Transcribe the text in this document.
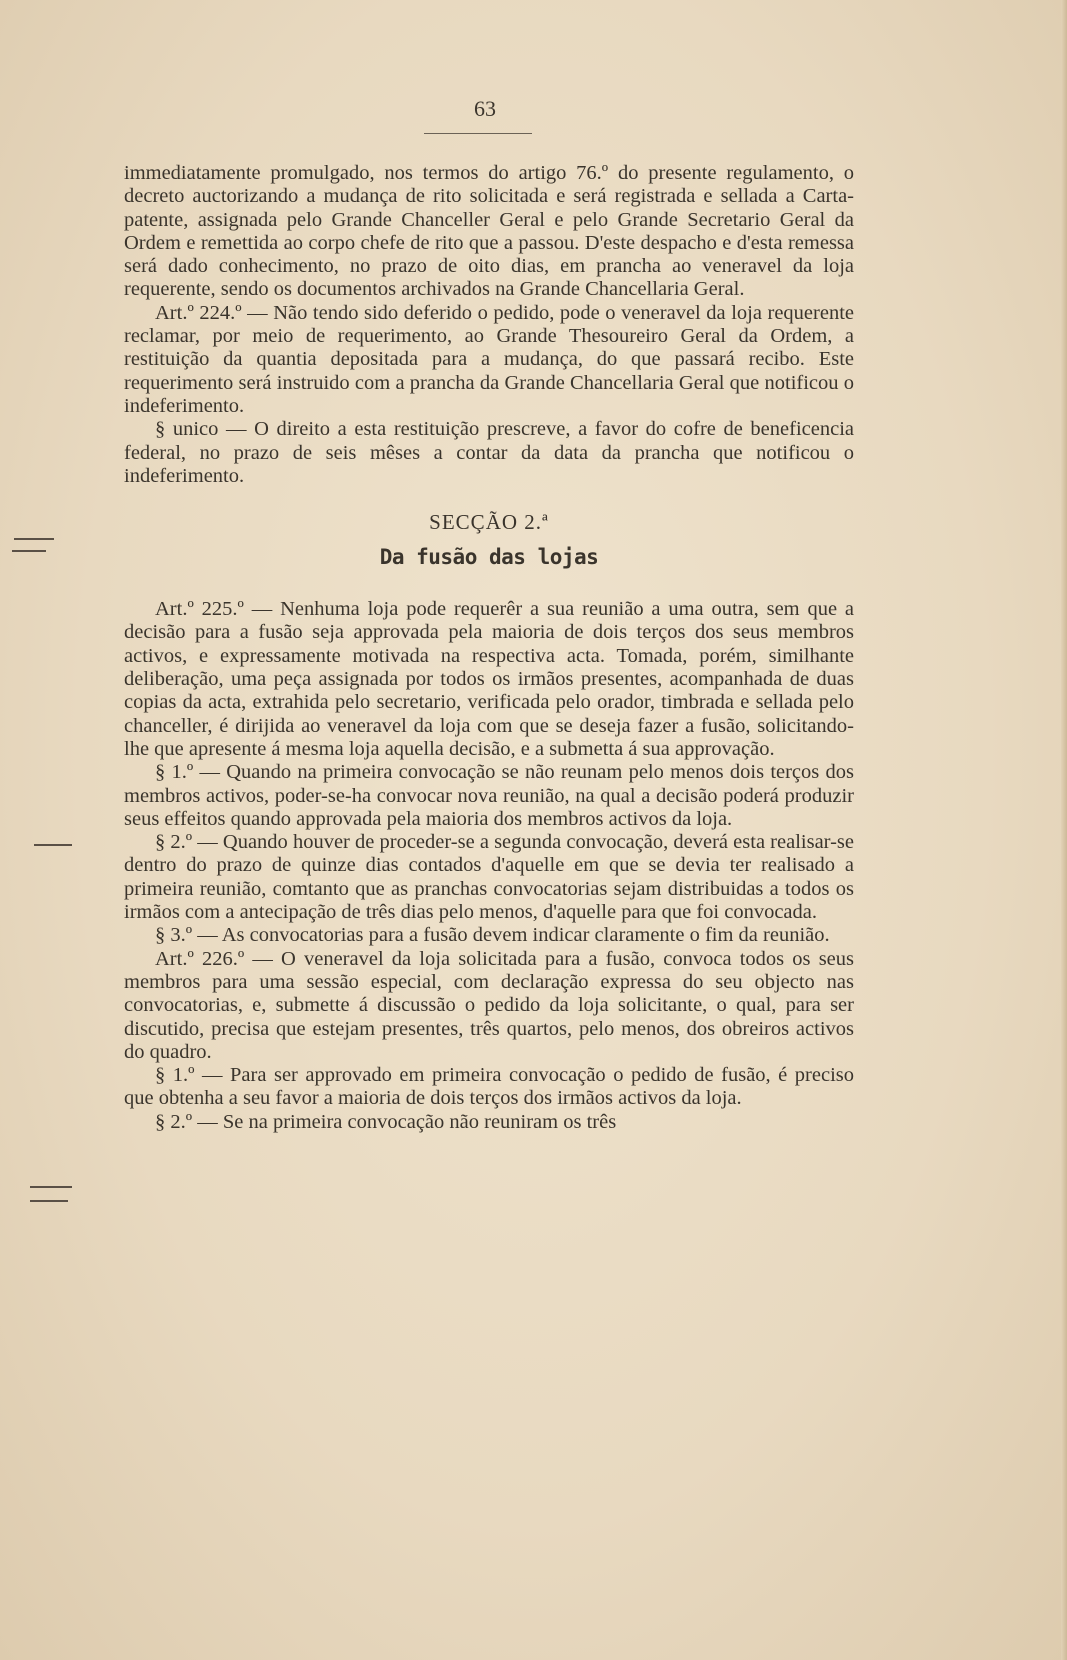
63

immediatamente promulgado, nos termos do artigo 76.º do presente regulamento, o decreto auctorizando a mudança de rito solicitada e será registrada e sellada a Carta-patente, assignada pelo Grande Chanceller Geral e pelo Grande Secretario Geral da Ordem e remettida ao corpo chefe de rito que a passou. D'este despacho e d'esta remessa será dado conhecimento, no prazo de oito dias, em prancha ao veneravel da loja requerente, sendo os documentos archivados na Grande Chancellaria Geral.

Art.º 224.º — Não tendo sido deferido o pedido, pode o veneravel da loja requerente reclamar, por meio de requerimento, ao Grande Thesoureiro Geral da Ordem, a restituição da quantia depositada para a mudança, do que passará recibo. Este requerimento será instruido com a prancha da Grande Chancellaria Geral que notificou o indeferimento.

§ unico — O direito a esta restituição prescreve, a favor do cofre de beneficencia federal, no prazo de seis mêses a contar da data da prancha que notificou o indeferimento.

SECÇÃO 2.ª
Da fusão das lojas

Art.º 225.º — Nenhuma loja pode requerêr a sua reunião a uma outra, sem que a decisão para a fusão seja approvada pela maioria de dois terços dos seus membros activos, e expressamente motivada na respectiva acta. Tomada, porém, similhante deliberação, uma peça assignada por todos os irmãos presentes, acompanhada de duas copias da acta, extrahida pelo secretario, verificada pelo orador, timbrada e sellada pelo chanceller, é dirijida ao veneravel da loja com que se deseja fazer a fusão, solicitando-lhe que apresente á mesma loja aquella decisão, e a submetta á sua approvação.

§ 1.º — Quando na primeira convocação se não reunam pelo menos dois terços dos membros activos, poder-se-ha convocar nova reunião, na qual a decisão poderá produzir seus effeitos quando approvada pela maioria dos membros activos da loja.

§ 2.º — Quando houver de proceder-se a segunda convocação, deverá esta realisar-se dentro do prazo de quinze dias contados d'aquelle em que se devia ter realisado a primeira reunião, comtanto que as pranchas convocatorias sejam distribuidas a todos os irmãos com a antecipação de três dias pelo menos, d'aquelle para que foi convocada.

§ 3.º — As convocatorias para a fusão devem indicar claramente o fim da reunião.

Art.º 226.º — O veneravel da loja solicitada para a fusão, convoca todos os seus membros para uma sessão especial, com declaração expressa do seu objecto nas convocatorias, e, submette á discussão o pedido da loja solicitante, o qual, para ser discutido, precisa que estejam presentes, três quartos, pelo menos, dos obreiros activos do quadro.

§ 1.º — Para ser approvado em primeira convocação o pedido de fusão, é preciso que obtenha a seu favor a maioria de dois terços dos irmãos activos da loja.

§ 2.º — Se na primeira convocação não reuniram os três
